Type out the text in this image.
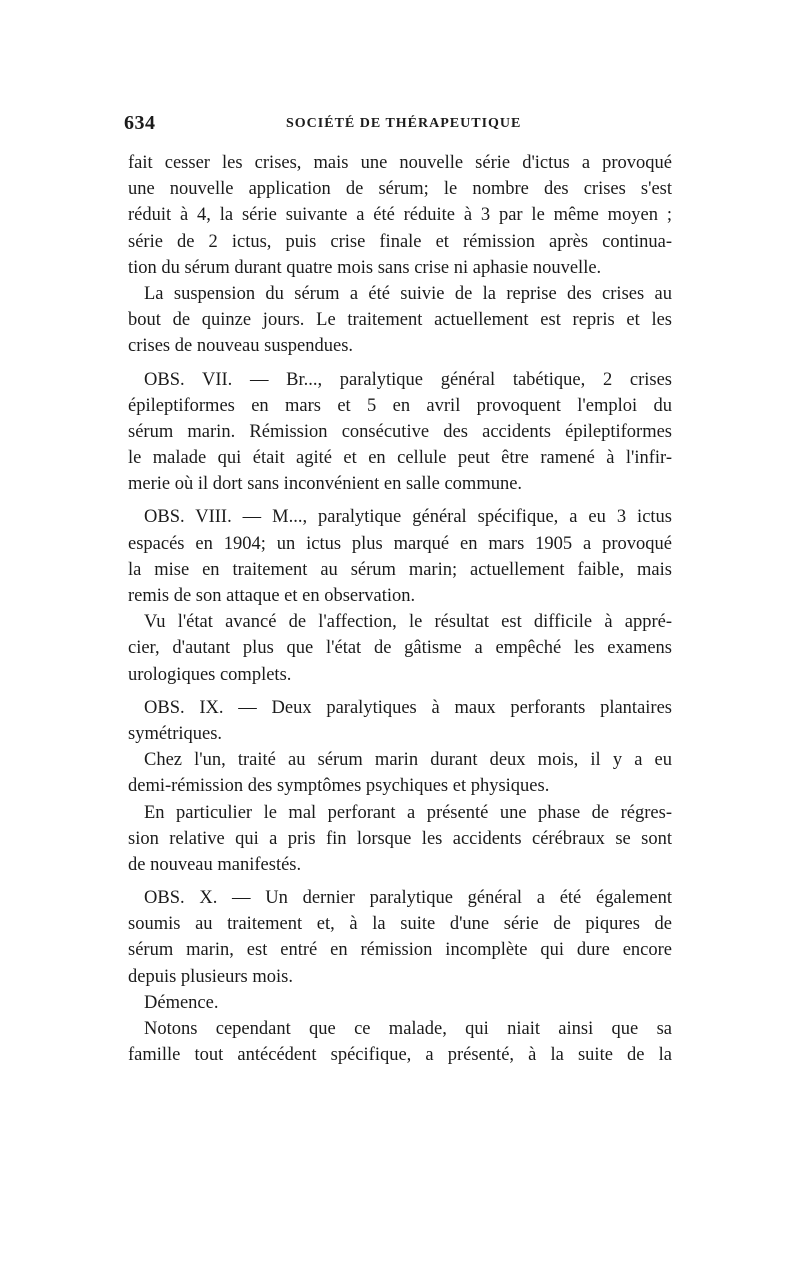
634	SOCIÉTÉ DE THÉRAPEUTIQUE
fait cesser les crises, mais une nouvelle série d'ictus a provoqué
une nouvelle application de sérum; le nombre des crises s'est
réduit à 4, la série suivante a été réduite à 3 par le même moyen ;
série de 2 ictus, puis crise finale et rémission après continua-
tion du sérum durant quatre mois sans crise ni aphasie nouvelle.
La suspension du sérum a été suivie de la reprise des crises au
bout de quinze jours. Le traitement actuellement est repris et les
crises de nouveau suspendues.
OBS. VII. — Br..., paralytique général tabétique, 2 crises
épileptiformes en mars et 5 en avril provoquent l'emploi du
sérum marin. Rémission consécutive des accidents épileptiformes
le malade qui était agité et en cellule peut être ramené à l'infir-
merie où il dort sans inconvénient en salle commune.
OBS. VIII. — M..., paralytique général spécifique, a eu 3 ictus
espacés en 1904; un ictus plus marqué en mars 1905 a provoqué
la mise en traitement au sérum marin; actuellement faible, mais
remis de son attaque et en observation.
Vu l'état avancé de l'affection, le résultat est difficile à appré-
cier, d'autant plus que l'état de gâtisme a empêché les examens
urologiques complets.
OBS. IX. — Deux paralytiques à maux perforants plantaires
symétriques.
Chez l'un, traité au sérum marin durant deux mois, il y a eu
demi-rémission des symptômes psychiques et physiques.
En particulier le mal perforant a présenté une phase de régres-
sion relative qui a pris fin lorsque les accidents cérébraux se sont
de nouveau manifestés.
OBS. X. — Un dernier paralytique général a été également
soumis au traitement et, à la suite d'une série de piqures de
sérum marin, est entré en rémission incomplète qui dure encore
depuis plusieurs mois.
Démence.
Notons cependant que ce malade, qui niait ainsi que sa
famille tout antécédent spécifique, a présenté, à la suite de la
